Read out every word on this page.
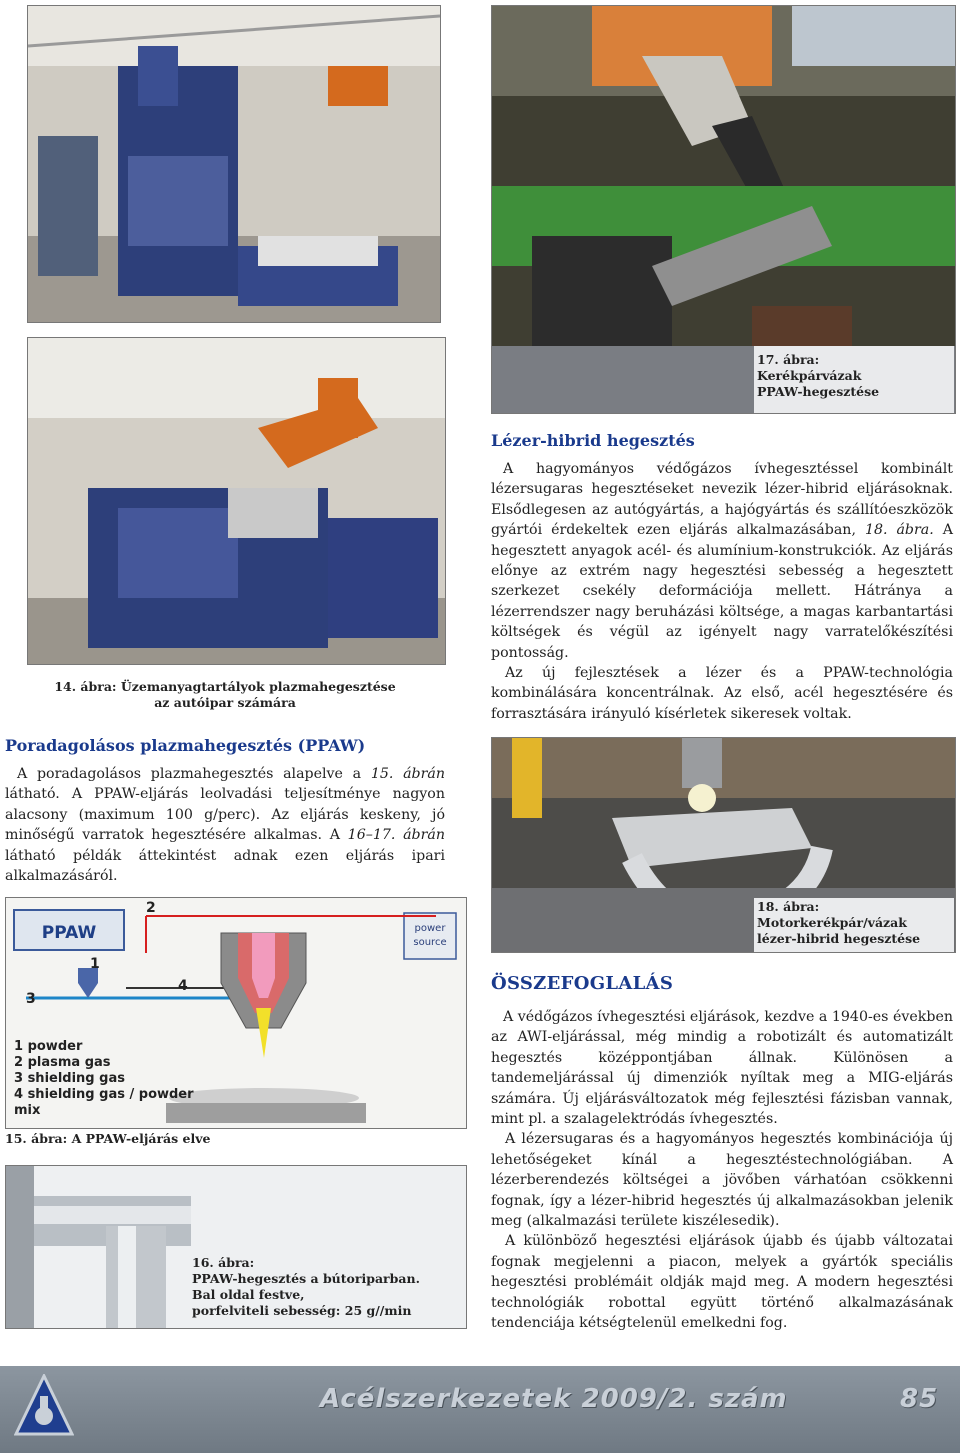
14. ábra: Üzemanyagtartályok plazmahegesztése
az autóipar számára
Poradagolásos plazmahegesztés (PPAW)

A poradagolásos plazmahegesztés alapelve a 15. ábrán látható. A PPAW-eljárás leolvadási teljesítménye nagyon alacsony (maximum 100 g/perc). Az eljárás keskeny, jó minőségű varratok hegesztésére alkalmas. A 16–17. ábrán látható példák áttekintést adnak ezen eljárás ipari alkalmazásáról.

PPAW	power
source
1
2
3
4
1 powder
2 plasma gas
3 shielding gas
4 shielding gas / powder
mix
15. ábra: A PPAW-eljárás elve
16. ábra:
PPAW-hegesztés a bútoriparban.
Bal oldal festve,
porfelviteli sebesség: 25 g//min
17. ábra:
Kerékpárvázak
PPAW-hegesztése
Lézer-hibrid hegesztés

A hagyományos védőgázos ívhegesztéssel kombinált lézersugaras hegesztéseket nevezik lézer-hibrid eljárásoknak. Elsődlegesen az autógyártás, a hajógyártás és szállítóeszközök gyártói érdekeltek ezen eljárás alkalmazásában, 18. ábra. A hegesztett anyagok acél- és alumínium-konstrukciók. Az eljárás előnye az extrém nagy hegesztési sebesség a hegesztett szerkezet csekély deformációja mellett. Hátránya a lézerrendszer nagy beruházási költsége, a magas karbantartási költségek és végül az igényelt nagy varratelőkészítési pontosság.

Az új fejlesztések a lézer és a PPAW-technológia kombinálására koncentrálnak. Az első, acél hegesztésére és forrasztására irányuló kísérletek sikeresek voltak.

18. ábra:
Motorkerékpár/vázak
lézer-hibrid hegesztése
ÖSSZEFOGLALÁS

A védőgázos ívhegesztési eljárások, kezdve a 1940-es években az AWI-eljárással, még mindig a robotizált és automatizált hegesztés középpontjában állnak. Különösen a tandemeljárással új dimenziók nyíltak meg a MIG-eljárás számára. Új eljárásváltozatok még fejlesztési fázisban vannak, mint pl. a szalagelektródás ívhegesztés.

A lézersugaras és a hagyományos hegesztés kombinációja új lehetőségeket kínál a hegesztéstechnológiában. A lézerberendezés költségei a jövőben várhatóan csökkenni fognak, így a lézer-hibrid hegesztés új alkalmazásokban jelenik meg (alkalmazási területe kiszélesedik).

A különböző hegesztési eljárások újabb és újabb változatai fognak megjelenni a piacon, melyek a gyártók speciális hegesztési problémáit oldják majd meg. A modern hegesztési technológiák robottal együtt történő alkalmazásának tendenciája kétségtelenül emelkedni fog.

Acélszerkezetek 2009/2. szám	85
